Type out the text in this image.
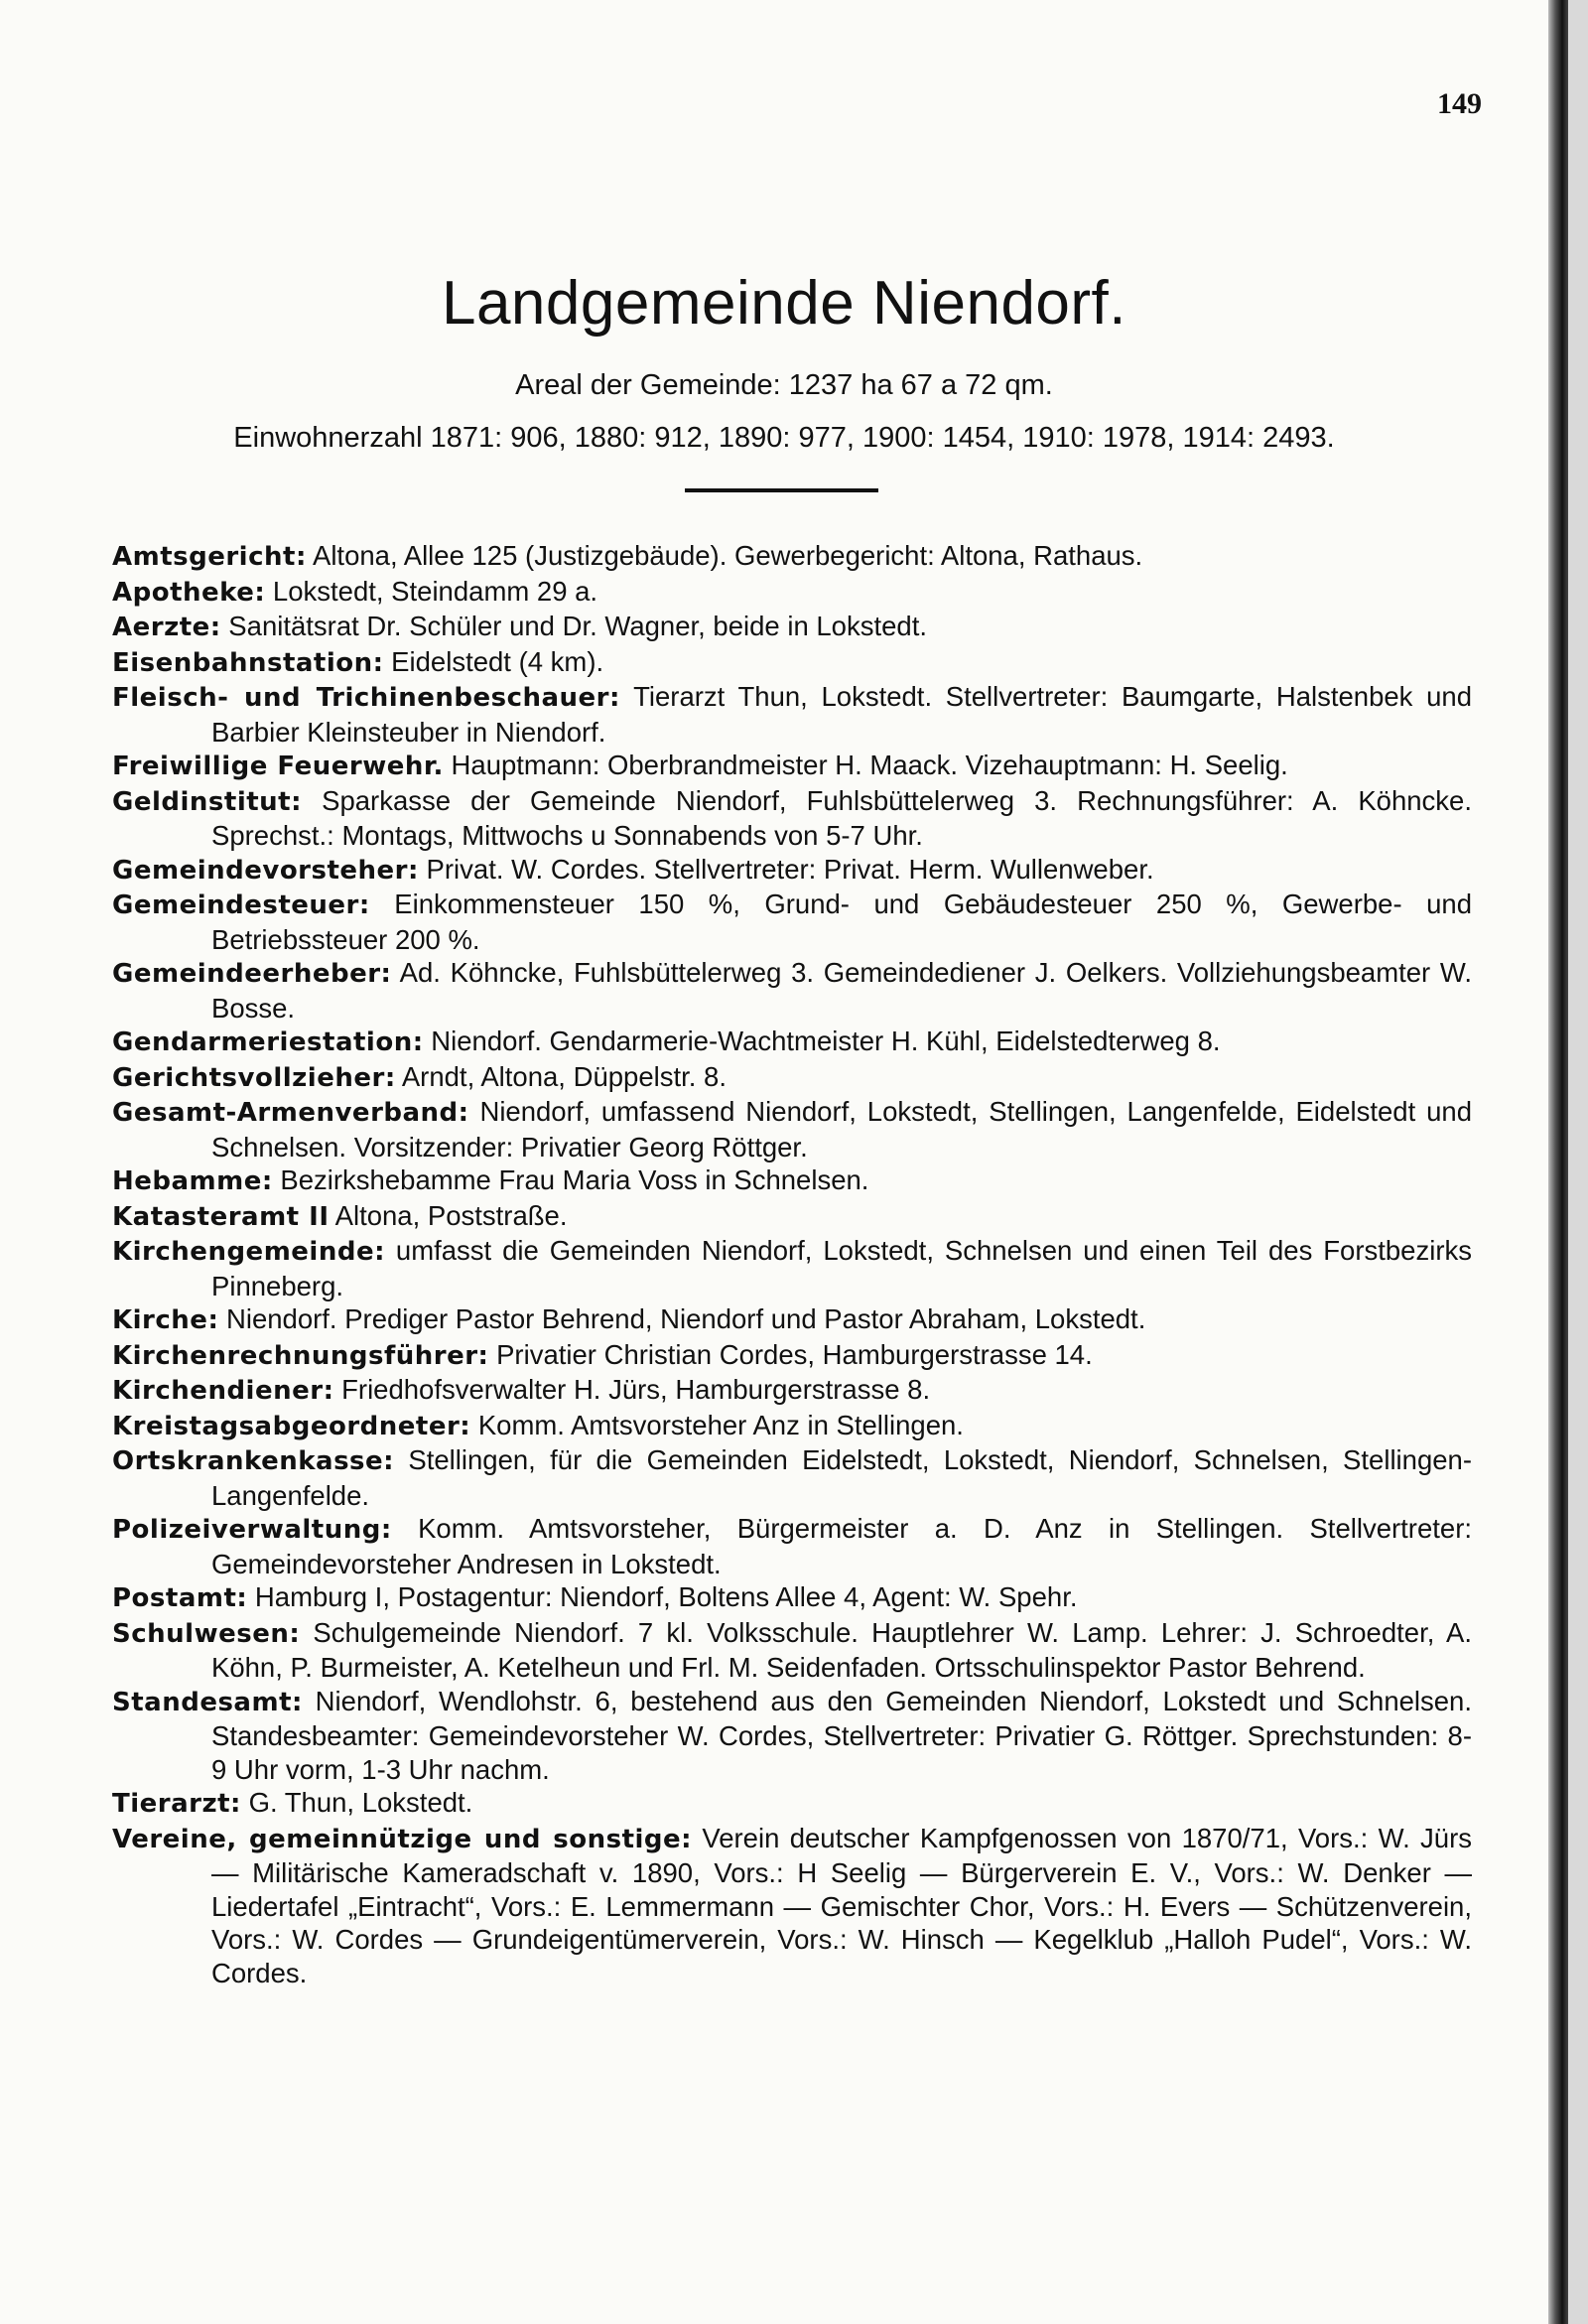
149
Landgemeinde Niendorf.
Areal der Gemeinde: 1237 ha 67 a 72 qm.
Einwohnerzahl 1871: 906, 1880: 912, 1890: 977, 1900: 1454, 1910: 1978, 1914: 2493.

Amtsgericht: Altona, Allee 125 (Justizgebäude). Gewerbegericht: Altona, Rathaus.

Apotheke: Lokstedt, Steindamm 29 a.

Aerzte: Sanitätsrat Dr. Schüler und Dr. Wagner, beide in Lokstedt.

Eisenbahnstation: Eidelstedt (4 km).

Fleisch- und Trichinenbeschauer: Tierarzt Thun, Lokstedt. Stellvertreter: Baumgarte, Halstenbek und Barbier Kleinsteuber in Niendorf.

Freiwillige Feuerwehr. Hauptmann: Oberbrandmeister H. Maack. Vizehauptmann: H. Seelig.

Geldinstitut: Sparkasse der Gemeinde Niendorf, Fuhlsbüttelerweg 3. Rechnungsführer: A. Köhncke. Sprechst.: Montags, Mittwochs u Sonnabends von 5-7 Uhr.

Gemeindevorsteher: Privat. W. Cordes. Stellvertreter: Privat. Herm. Wullenweber.

Gemeindesteuer: Einkommensteuer 150 %, Grund- und Gebäudesteuer 250 %, Gewerbe- und Betriebssteuer 200 %.

Gemeindeerheber: Ad. Köhncke, Fuhlsbüttelerweg 3. Gemeindediener J. Oelkers. Vollziehungsbeamter W. Bosse.

Gendarmeriestation: Niendorf. Gendarmerie-Wachtmeister H. Kühl, Eidelstedterweg 8.

Gerichtsvollzieher: Arndt, Altona, Düppelstr. 8.

Gesamt-Armenverband: Niendorf, umfassend Niendorf, Lokstedt, Stellingen, Langenfelde, Eidelstedt und Schnelsen. Vorsitzender: Privatier Georg Röttger.

Hebamme: Bezirkshebamme Frau Maria Voss in Schnelsen.

Katasteramt II Altona, Poststraße.

Kirchengemeinde: umfasst die Gemeinden Niendorf, Lokstedt, Schnelsen und einen Teil des Forstbezirks Pinneberg.

Kirche: Niendorf. Prediger Pastor Behrend, Niendorf und Pastor Abraham, Lokstedt.

Kirchenrechnungsführer: Privatier Christian Cordes, Hamburgerstrasse 14.

Kirchendiener: Friedhofsverwalter H. Jürs, Hamburgerstrasse 8.

Kreistagsabgeordneter: Komm. Amtsvorsteher Anz in Stellingen.

Ortskrankenkasse: Stellingen, für die Gemeinden Eidelstedt, Lokstedt, Niendorf, Schnelsen, Stellingen-Langenfelde.

Polizeiverwaltung: Komm. Amtsvorsteher, Bürgermeister a. D. Anz in Stellingen. Stellvertreter: Gemeindevorsteher Andresen in Lokstedt.

Postamt: Hamburg I, Postagentur: Niendorf, Boltens Allee 4, Agent: W. Spehr.

Schulwesen: Schulgemeinde Niendorf. 7 kl. Volksschule. Hauptlehrer W. Lamp. Lehrer: J. Schroedter, A. Köhn, P. Burmeister, A. Ketelheun und Frl. M. Seidenfaden. Ortsschulinspektor Pastor Behrend.

Standesamt: Niendorf, Wendlohstr. 6, bestehend aus den Gemeinden Niendorf, Lokstedt und Schnelsen. Standesbeamter: Gemeindevorsteher W. Cordes, Stellvertreter: Privatier G. Röttger. Sprechstunden: 8-9 Uhr vorm, 1-3 Uhr nachm.

Tierarzt: G. Thun, Lokstedt.

Vereine, gemeinnützige und sonstige: Verein deutscher Kampfgenossen von 1870/71, Vors.: W. Jürs — Militärische Kameradschaft v. 1890, Vors.: H Seelig — Bürgerverein E. V., Vors.: W. Denker — Liedertafel „Eintracht“, Vors.: E. Lemmermann — Gemischter Chor, Vors.: H. Evers — Schützenverein, Vors.: W. Cordes — Grundeigentümerverein, Vors.: W. Hinsch — Kegelklub „Halloh Pudel“, Vors.: W. Cordes.
